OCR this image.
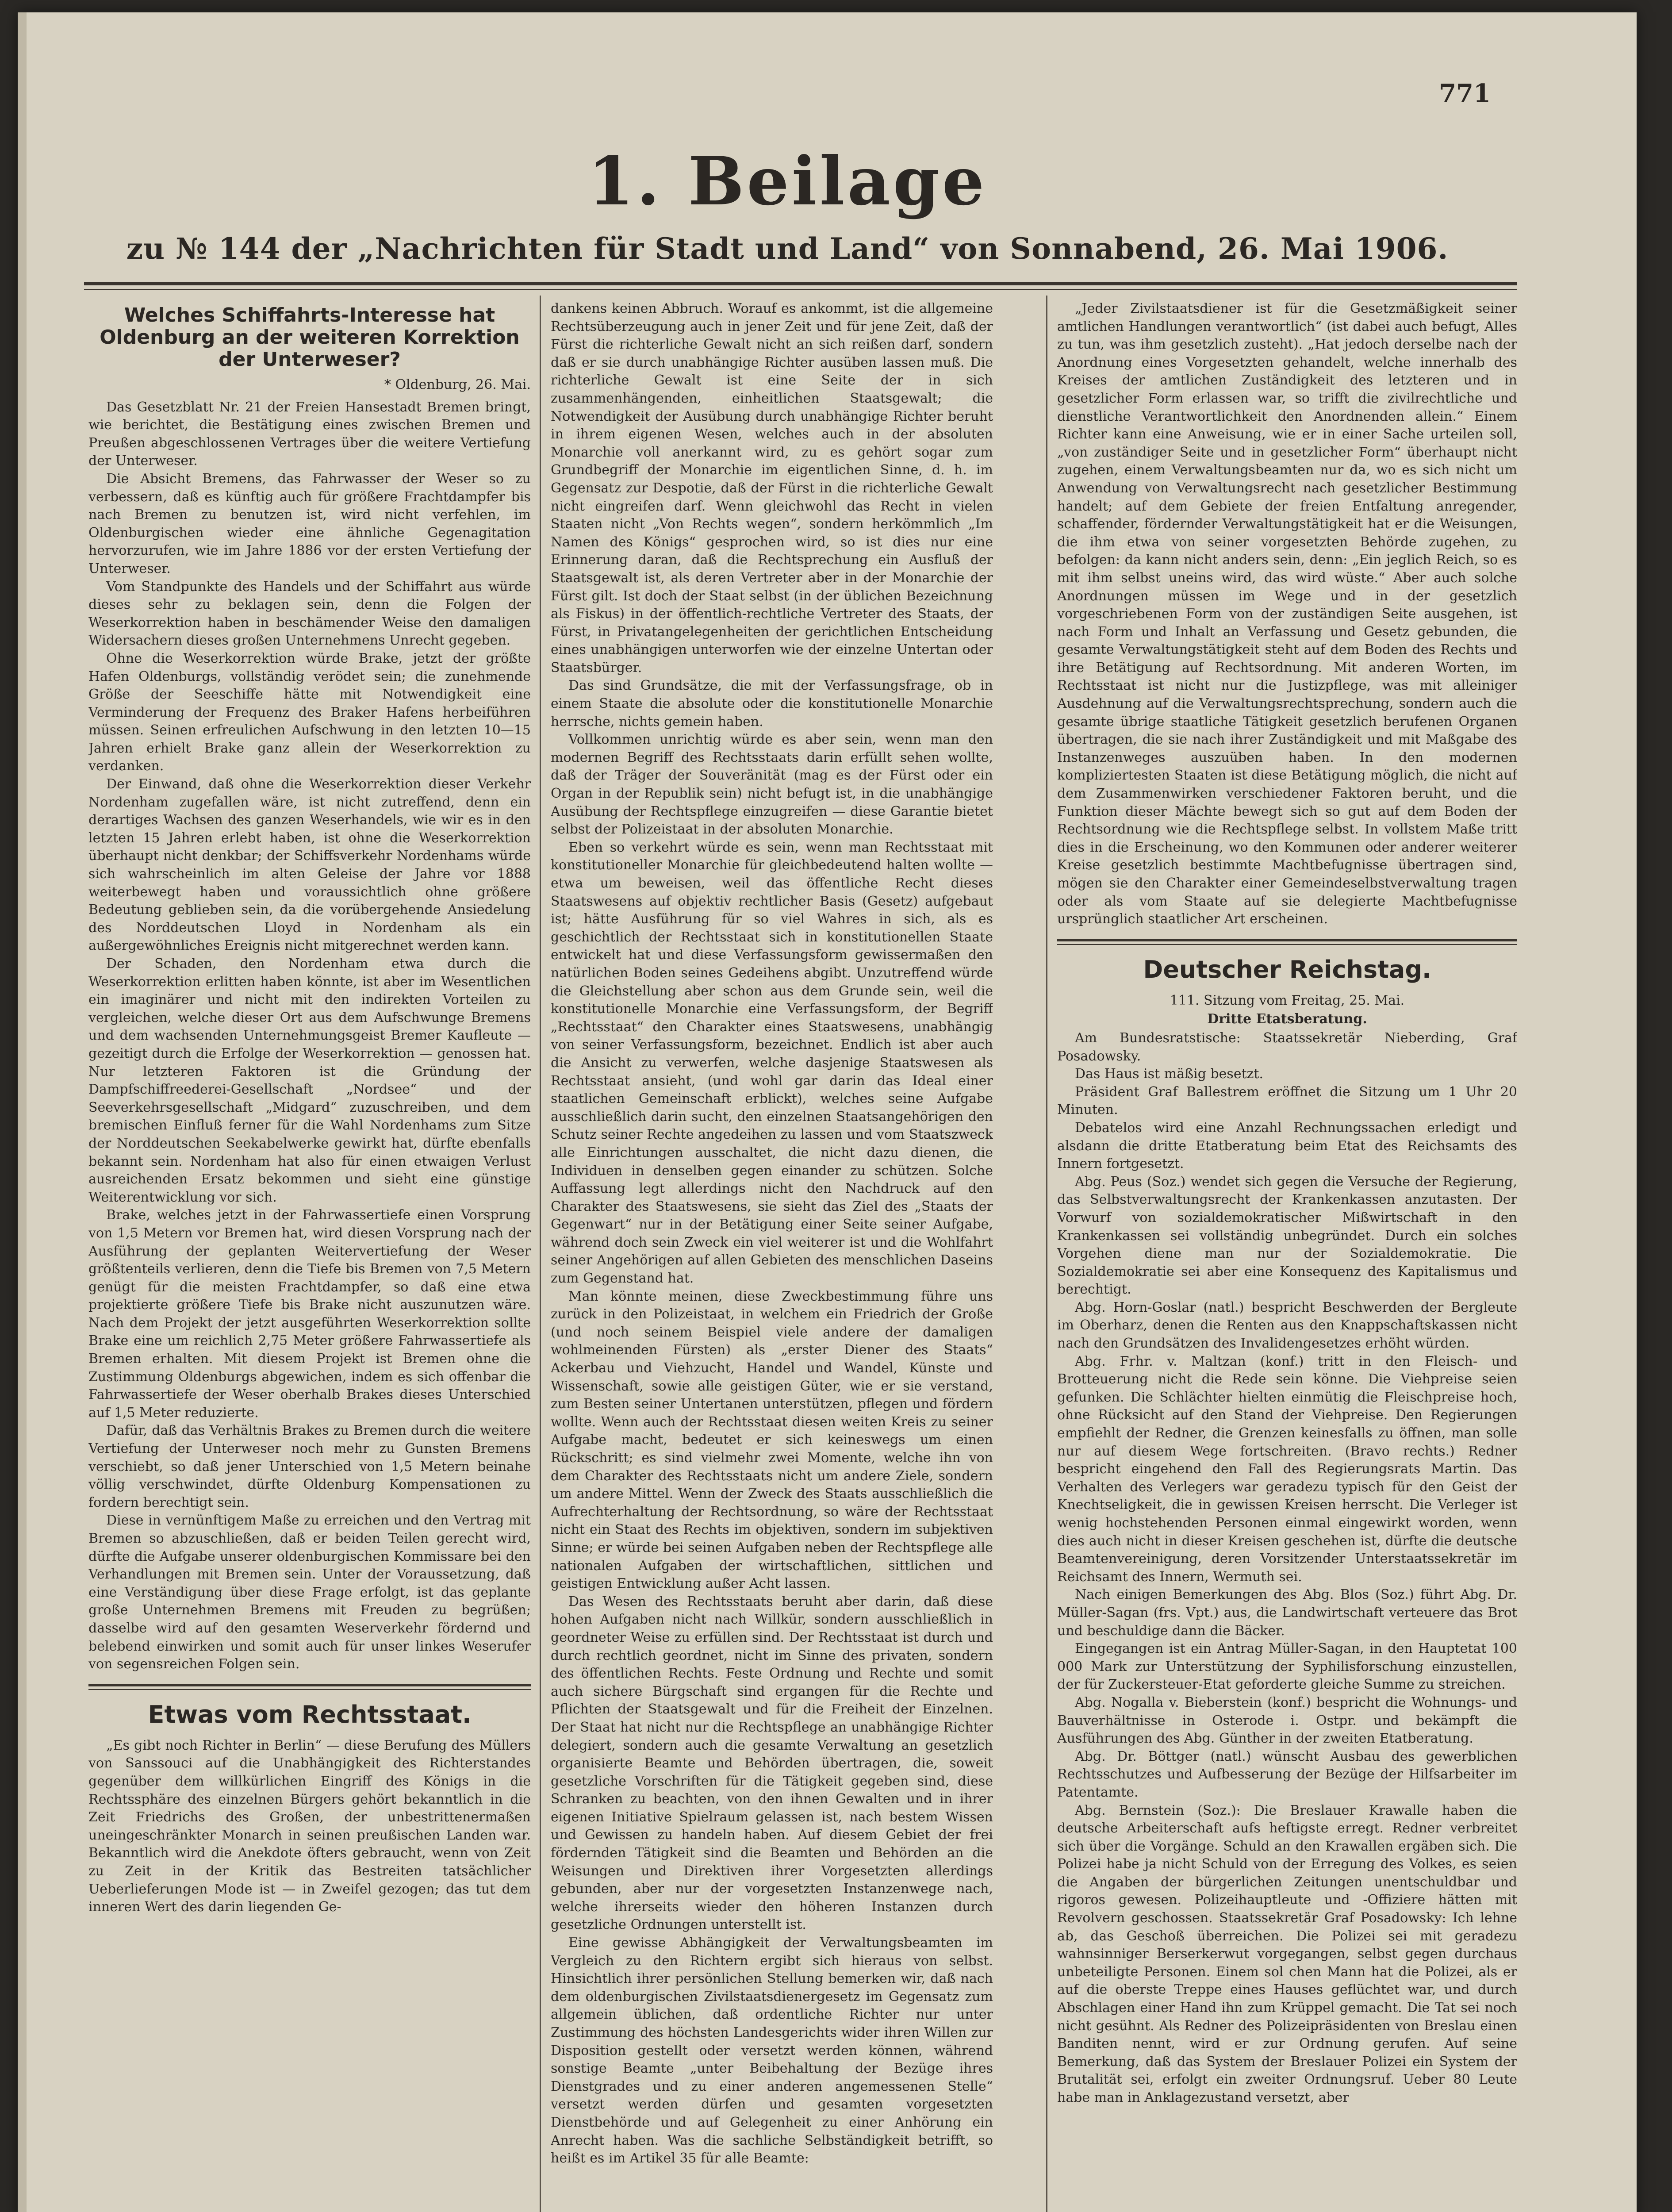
771
1. Beilage
zu № 144 der „Nachrichten für Stadt und Land“ von Sonnabend, 26. Mai 1906.
Welches Schiffahrts-Interesse hat Oldenburg an der weiteren Korrektion der Unterweser?
* Oldenburg, 26. Mai.

Das Gesetzblatt Nr. 21 der Freien Hansestadt Bremen bringt, wie berichtet, die Bestätigung eines zwischen Bremen und Preußen abgeschlossenen Vertrages über die weitere Vertiefung der Unterweser.

Die Absicht Bremens, das Fahrwasser der Weser so zu verbessern, daß es künftig auch für größere Frachtdampfer bis nach Bremen zu benutzen ist, wird nicht verfehlen, im Oldenburgischen wieder eine ähnliche Gegenagitation hervorzurufen, wie im Jahre 1886 vor der ersten Vertiefung der Unterweser.

Vom Standpunkte des Handels und der Schiffahrt aus würde dieses sehr zu beklagen sein, denn die Folgen der Weserkorrektion haben in beschämender Weise den damaligen Widersachern dieses großen Unternehmens Unrecht gegeben.

Ohne die Weserkorrektion würde Brake, jetzt der größte Hafen Oldenburgs, vollständig verödet sein; die zunehmende Größe der Seeschiffe hätte mit Notwendigkeit eine Verminderung der Frequenz des Braker Hafens herbeiführen müssen. Seinen erfreulichen Aufschwung in den letzten 10—15 Jahren erhielt Brake ganz allein der Weserkorrektion zu verdanken.

Der Einwand, daß ohne die Weserkorrektion dieser Verkehr Nordenham zugefallen wäre, ist nicht zutreffend, denn ein derartiges Wachsen des ganzen Weserhandels, wie wir es in den letzten 15 Jahren erlebt haben, ist ohne die Weserkorrektion überhaupt nicht denkbar; der Schiffsverkehr Nordenhams würde sich wahrscheinlich im alten Geleise der Jahre vor 1888 weiterbewegt haben und voraussichtlich ohne größere Bedeutung geblieben sein, da die vorübergehende Ansiedelung des Norddeutschen Lloyd in Nordenham als ein außergewöhnliches Ereignis nicht mitgerechnet werden kann.

Der Schaden, den Nordenham etwa durch die Weserkorrektion erlitten haben könnte, ist aber im Wesentlichen ein imaginärer und nicht mit den indirekten Vorteilen zu vergleichen, welche dieser Ort aus dem Aufschwunge Bremens und dem wachsenden Unternehmungsgeist Bremer Kaufleute — gezeitigt durch die Erfolge der Weserkorrektion — genossen hat. Nur letzteren Faktoren ist die Gründung der Dampfschiffreederei-Gesellschaft „Nordsee“ und der Seeverkehrsgesellschaft „Midgard“ zuzuschreiben, und dem bremischen Einfluß ferner für die Wahl Nordenhams zum Sitze der Norddeutschen Seekabelwerke gewirkt hat, dürfte ebenfalls bekannt sein. Nordenham hat also für einen etwaigen Verlust ausreichenden Ersatz bekommen und sieht eine günstige Weiterentwicklung vor sich.

Brake, welches jetzt in der Fahrwassertiefe einen Vorsprung von 1,5 Metern vor Bremen hat, wird diesen Vorsprung nach der Ausführung der geplanten Weitervertiefung der Weser größtenteils verlieren, denn die Tiefe bis Bremen von 7,5 Metern genügt für die meisten Frachtdampfer, so daß eine etwa projektierte größere Tiefe bis Brake nicht auszunutzen wäre. Nach dem Projekt der jetzt ausgeführten Weserkorrektion sollte Brake eine um reichlich 2,75 Meter größere Fahrwassertiefe als Bremen erhalten. Mit diesem Projekt ist Bremen ohne die Zustimmung Oldenburgs abgewichen, indem es sich offenbar die Fahrwassertiefe der Weser oberhalb Brakes dieses Unterschied auf 1,5 Meter reduzierte.

Dafür, daß das Verhältnis Brakes zu Bremen durch die weitere Vertiefung der Unterweser noch mehr zu Gunsten Bremens verschiebt, so daß jener Unterschied von 1,5 Metern beinahe völlig verschwindet, dürfte Oldenburg Kompensationen zu fordern berechtigt sein.

Diese in vernünftigem Maße zu erreichen und den Vertrag mit Bremen so abzuschließen, daß er beiden Teilen gerecht wird, dürfte die Aufgabe unserer oldenburgischen Kommissare bei den Verhandlungen mit Bremen sein. Unter der Voraussetzung, daß eine Verständigung über diese Frage erfolgt, ist das geplante große Unternehmen Bremens mit Freuden zu begrüßen; dasselbe wird auf den gesamten Weserverkehr fördernd und belebend einwirken und somit auch für unser linkes Weserufer von segensreichen Folgen sein.

Etwas vom Rechtsstaat.

„Es gibt noch Richter in Berlin“ — diese Berufung des Müllers von Sanssouci auf die Unabhängigkeit des Richterstandes gegenüber dem willkürlichen Eingriff des Königs in die Rechtssphäre des einzelnen Bürgers gehört bekanntlich in die Zeit Friedrichs des Großen, der unbestrittenermaßen uneingeschränkter Monarch in seinen preußischen Landen war. Bekanntlich wird die Anekdote öfters gebraucht, wenn von Zeit zu Zeit in der Kritik das Bestreiten tatsächlicher Ueberlieferungen Mode ist — in Zweifel gezogen; das tut dem inneren Wert des darin liegenden Ge-

dankens keinen Abbruch. Worauf es ankommt, ist die allgemeine Rechtsüberzeugung auch in jener Zeit und für jene Zeit, daß der Fürst die richterliche Gewalt nicht an sich reißen darf, sondern daß er sie durch unabhängige Richter ausüben lassen muß. Die richterliche Gewalt ist eine Seite der in sich zusammenhängenden, einheitlichen Staatsgewalt; die Notwendigkeit der Ausübung durch unabhängige Richter beruht in ihrem eigenen Wesen, welches auch in der absoluten Monarchie voll anerkannt wird, zu es gehört sogar zum Grundbegriff der Monarchie im eigentlichen Sinne, d. h. im Gegensatz zur Despotie, daß der Fürst in die richterliche Gewalt nicht eingreifen darf. Wenn gleichwohl das Recht in vielen Staaten nicht „Von Rechts wegen“, sondern herkömmlich „Im Namen des Königs“ gesprochen wird, so ist dies nur eine Erinnerung daran, daß die Rechtsprechung ein Ausfluß der Staatsgewalt ist, als deren Vertreter aber in der Monarchie der Fürst gilt. Ist doch der Staat selbst (in der üblichen Bezeichnung als Fiskus) in der öffentlich-rechtliche Vertreter des Staats, der Fürst, in Privatangelegenheiten der gerichtlichen Entscheidung eines unabhängigen unterworfen wie der einzelne Untertan oder Staatsbürger.

Das sind Grundsätze, die mit der Verfassungsfrage, ob in einem Staate die absolute oder die konstitutionelle Monarchie herrsche, nichts gemein haben.

Vollkommen unrichtig würde es aber sein, wenn man den modernen Begriff des Rechtsstaats darin erfüllt sehen wollte, daß der Träger der Souveränität (mag es der Fürst oder ein Organ in der Republik sein) nicht befugt ist, in die unabhängige Ausübung der Rechtspflege einzugreifen — diese Garantie bietet selbst der Polizeistaat in der absoluten Monarchie.

Eben so verkehrt würde es sein, wenn man Rechtsstaat mit konstitutioneller Monarchie für gleichbedeutend halten wollte — etwa um beweisen, weil das öffentliche Recht dieses Staatswesens auf objektiv rechtlicher Basis (Gesetz) aufgebaut ist; hätte Ausführung für so viel Wahres in sich, als es geschichtlich der Rechtsstaat sich in konstitutionellen Staate entwickelt hat und diese Verfassungsform gewissermaßen den natürlichen Boden seines Gedeihens abgibt. Unzutreffend würde die Gleichstellung aber schon aus dem Grunde sein, weil die konstitutionelle Monarchie eine Verfassungsform, der Begriff „Rechtsstaat“ den Charakter eines Staatswesens, unabhängig von seiner Verfassungsform, bezeichnet. Endlich ist aber auch die Ansicht zu verwerfen, welche dasjenige Staatswesen als Rechtsstaat ansieht, (und wohl gar darin das Ideal einer staatlichen Gemeinschaft erblickt), welches seine Aufgabe ausschließlich darin sucht, den einzelnen Staatsangehörigen den Schutz seiner Rechte angedeihen zu lassen und vom Staatszweck alle Einrichtungen ausschaltet, die nicht dazu dienen, die Individuen in denselben gegen einander zu schützen. Solche Auffassung legt allerdings nicht den Nachdruck auf den Charakter des Staatswesens, sie sieht das Ziel des „Staats der Gegenwart“ nur in der Betätigung einer Seite seiner Aufgabe, während doch sein Zweck ein viel weiterer ist und die Wohlfahrt seiner Angehörigen auf allen Gebieten des menschlichen Daseins zum Gegenstand hat.

Man könnte meinen, diese Zweckbestimmung führe uns zurück in den Polizeistaat, in welchem ein Friedrich der Große (und noch seinem Beispiel viele andere der damaligen wohlmeinenden Fürsten) als „erster Diener des Staats“ Ackerbau und Viehzucht, Handel und Wandel, Künste und Wissenschaft, sowie alle geistigen Güter, wie er sie verstand, zum Besten seiner Untertanen unterstützen, pflegen und fördern wollte. Wenn auch der Rechtsstaat diesen weiten Kreis zu seiner Aufgabe macht, bedeutet er sich keineswegs um einen Rückschritt; es sind vielmehr zwei Momente, welche ihn von dem Charakter des Rechtsstaats nicht um andere Ziele, sondern um andere Mittel. Wenn der Zweck des Staats ausschließlich die Aufrechterhaltung der Rechtsordnung, so wäre der Rechtsstaat nicht ein Staat des Rechts im objektiven, sondern im subjektiven Sinne; er würde bei seinen Aufgaben neben der Rechtspflege alle nationalen Aufgaben der wirtschaftlichen, sittlichen und geistigen Entwicklung außer Acht lassen.

Das Wesen des Rechtsstaats beruht aber darin, daß diese hohen Aufgaben nicht nach Willkür, sondern ausschließlich in geordneter Weise zu erfüllen sind. Der Rechtsstaat ist durch und durch rechtlich geordnet, nicht im Sinne des privaten, sondern des öffentlichen Rechts. Feste Ordnung und Rechte und somit auch sichere Bürgschaft sind ergangen für die Rechte und Pflichten der Staatsgewalt und für die Freiheit der Einzelnen. Der Staat hat nicht nur die Rechtspflege an unabhängige Richter delegiert, sondern auch die gesamte Verwaltung an gesetzlich organisierte Beamte und Behörden übertragen, die, soweit gesetzliche Vorschriften für die Tätigkeit gegeben sind, diese Schranken zu beachten, von den ihnen Gewalten und in ihrer eigenen Initiative Spielraum gelassen ist, nach bestem Wissen und Gewissen zu handeln haben. Auf diesem Gebiet der frei fördernden Tätigkeit sind die Beamten und Behörden an die Weisungen und Direktiven ihrer Vorgesetzten allerdings gebunden, aber nur der vorgesetzten Instanzenwege nach, welche ihrerseits wieder den höheren Instanzen durch gesetzliche Ordnungen unterstellt ist.

Eine gewisse Abhängigkeit der Verwaltungsbeamten im Vergleich zu den Richtern ergibt sich hieraus von selbst. Hinsichtlich ihrer persönlichen Stellung bemerken wir, daß nach dem oldenburgischen Zivilstaatsdienergesetz im Gegensatz zum allgemein üblichen, daß ordentliche Richter nur unter Zustimmung des höchsten Landesgerichts wider ihren Willen zur Disposition gestellt oder versetzt werden können, während sonstige Beamte „unter Beibehaltung der Bezüge ihres Dienstgrades und zu einer anderen angemessenen Stelle“ versetzt werden dürfen und gesamten vorgesetzten Dienstbehörde und auf Gelegenheit zu einer Anhörung ein Anrecht haben. Was die sachliche Selbständigkeit betrifft, so heißt es im Artikel 35 für alle Beamte:

„Jeder Zivilstaatsdiener ist für die Gesetzmäßigkeit seiner amtlichen Handlungen verantwortlich“ (ist dabei auch befugt, Alles zu tun, was ihm gesetzlich zusteht). „Hat jedoch derselbe nach der Anordnung eines Vorgesetzten gehandelt, welche innerhalb des Kreises der amtlichen Zuständigkeit des letzteren und in gesetzlicher Form erlassen war, so trifft die zivilrechtliche und dienstliche Verantwortlichkeit den Anordnenden allein.“ Einem Richter kann eine Anweisung, wie er in einer Sache urteilen soll, „von zuständiger Seite und in gesetzlicher Form“ überhaupt nicht zugehen, einem Verwaltungsbeamten nur da, wo es sich nicht um Anwendung von Verwaltungsrecht nach gesetzlicher Bestimmung handelt; auf dem Gebiete der freien Entfaltung anregender, schaffender, fördernder Verwaltungstätigkeit hat er die Weisungen, die ihm etwa von seiner vorgesetzten Behörde zugehen, zu befolgen: da kann nicht anders sein, denn: „Ein jeglich Reich, so es mit ihm selbst uneins wird, das wird wüste.“ Aber auch solche Anordnungen müssen im Wege und in der gesetzlich vorgeschriebenen Form von der zuständigen Seite ausgehen, ist nach Form und Inhalt an Verfassung und Gesetz gebunden, die gesamte Verwaltungstätigkeit steht auf dem Boden des Rechts und ihre Betätigung auf Rechtsordnung. Mit anderen Worten, im Rechtsstaat ist nicht nur die Justizpflege, was mit alleiniger Ausdehnung auf die Verwaltungsrechtsprechung, sondern auch die gesamte übrige staatliche Tätigkeit gesetzlich berufenen Organen übertragen, die sie nach ihrer Zuständigkeit und mit Maßgabe des Instanzenweges auszuüben haben. In den modernen kompliziertesten Staaten ist diese Betätigung möglich, die nicht auf dem Zusammenwirken verschiedener Faktoren beruht, und die Funktion dieser Mächte bewegt sich so gut auf dem Boden der Rechtsordnung wie die Rechtspflege selbst. In vollstem Maße tritt dies in die Erscheinung, wo den Kommunen oder anderer weiterer Kreise gesetzlich bestimmte Machtbefugnisse übertragen sind, mögen sie den Charakter einer Gemeindeselbstverwaltung tragen oder als vom Staate auf sie delegierte Machtbefugnisse ursprünglich staatlicher Art erscheinen.

Deutscher Reichstag.
111. Sitzung vom Freitag, 25. Mai.
Dritte Etatsberatung.

Am Bundesratstische: Staatssekretär Nieberding, Graf Posadowsky.

Das Haus ist mäßig besetzt.

Präsident Graf Ballestrem eröffnet die Sitzung um 1 Uhr 20 Minuten.

Debatelos wird eine Anzahl Rechnungssachen erledigt und alsdann die dritte Etatberatung beim Etat des Reichsamts des Innern fortgesetzt.

Abg. Peus (Soz.) wendet sich gegen die Versuche der Regierung, das Selbstverwaltungsrecht der Krankenkassen anzutasten. Der Vorwurf von sozialdemokratischer Mißwirtschaft in den Krankenkassen sei vollständig unbegründet. Durch ein solches Vorgehen diene man nur der Sozialdemokratie. Die Sozialdemokratie sei aber eine Konsequenz des Kapitalismus und berechtigt.

Abg. Horn-Goslar (natl.) bespricht Beschwerden der Bergleute im Oberharz, denen die Renten aus den Knappschaftskassen nicht nach den Grundsätzen des Invalidengesetzes erhöht würden.

Abg. Frhr. v. Maltzan (konf.) tritt in den Fleisch- und Brotteuerung nicht die Rede sein könne. Die Viehpreise seien gefunken. Die Schlächter hielten einmütig die Fleischpreise hoch, ohne Rücksicht auf den Stand der Viehpreise. Den Regierungen empfiehlt der Redner, die Grenzen keinesfalls zu öffnen, man solle nur auf diesem Wege fortschreiten. (Bravo rechts.) Redner bespricht eingehend den Fall des Regierungsrats Martin. Das Verhalten des Verlegers war geradezu typisch für den Geist der Knechtseligkeit, die in gewissen Kreisen herrscht. Die Verleger ist wenig hochstehenden Personen einmal eingewirkt worden, wenn dies auch nicht in dieser Kreisen geschehen ist, dürfte die deutsche Beamtenvereinigung, deren Vorsitzender Unterstaatssekretär im Reichsamt des Innern, Wermuth sei.

Nach einigen Bemerkungen des Abg. Blos (Soz.) führt Abg. Dr. Müller-Sagan (frs. Vpt.) aus, die Landwirtschaft verteuere das Brot und beschuldige dann die Bäcker.

Eingegangen ist ein Antrag Müller-Sagan, in den Hauptetat 100 000 Mark zur Unterstützung der Syphilisforschung einzustellen, der für Zuckersteuer-Etat geforderte gleiche Summe zu streichen.

Abg. Nogalla v. Bieberstein (konf.) bespricht die Wohnungs- und Bauverhältnisse in Osterode i. Ostpr. und bekämpft die Ausführungen des Abg. Günther in der zweiten Etatberatung.

Abg. Dr. Böttger (natl.) wünscht Ausbau des gewerblichen Rechtsschutzes und Aufbesserung der Bezüge der Hilfsarbeiter im Patentamte.

Abg. Bernstein (Soz.): Die Breslauer Krawalle haben die deutsche Arbeiterschaft aufs heftigste erregt. Redner verbreitet sich über die Vorgänge. Schuld an den Krawallen ergäben sich. Die Polizei habe ja nicht Schuld von der Erregung des Volkes, es seien die Angaben der bürgerlichen Zeitungen unentschuldbar und rigoros gewesen. Polizeihauptleute und -Offiziere hätten mit Revolvern geschossen. Staatssekretär Graf Posadowsky: Ich lehne ab, das Geschoß überreichen. Die Polizei sei mit geradezu wahnsinniger Berserkerwut vorgegangen, selbst gegen durchaus unbeteiligte Personen. Einem sol chen Mann hat die Polizei, als er auf die oberste Treppe eines Hauses geflüchtet war, und durch Abschlagen einer Hand ihn zum Krüppel gemacht. Die Tat sei noch nicht gesühnt. Als Redner des Polizeipräsidenten von Breslau einen Banditen nennt, wird er zur Ordnung gerufen. Auf seine Bemerkung, daß das System der Breslauer Polizei ein System der Brutalität sei, erfolgt ein zweiter Ordnungsruf. Ueber 80 Leute habe man in Anklagezustand versetzt, aber
